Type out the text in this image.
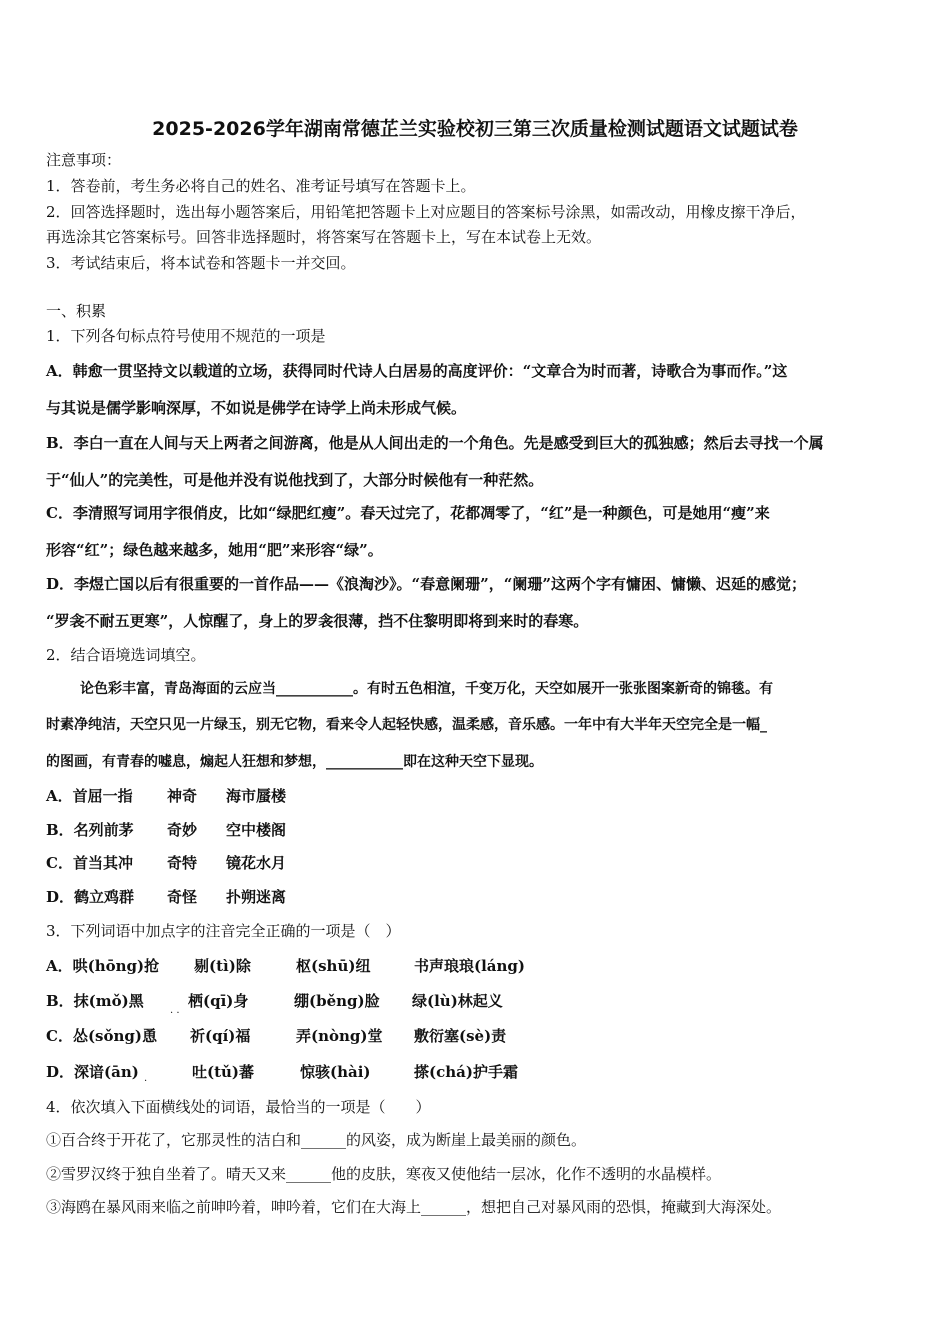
2025-2026学年湖南常德芷兰实验校初三第三次质量检测试题语文试题试卷
注意事项：
1．答卷前，考生务必将自己的姓名、准考证号填写在答题卡上。
2．回答选择题时，选出每小题答案后，用铅笔把答题卡上对应题目的答案标号涂黑，如需改动，用橡皮擦干净后，
再选涂其它答案标号。回答非选择题时，将答案写在答题卡上，写在本试卷上无效。
3．考试结束后，将本试卷和答题卡一并交回。
一、积累
1．下列各句标点符号使用不规范的一项是
A．韩愈一贯坚持文以载道的立场，获得同时代诗人白居易的高度评价：“文章合为时而著，诗歌合为事而作。”这
与其说是儒学影响深厚，不如说是佛学在诗学上尚未形成气候。
B．李白一直在人间与天上两者之间游离，他是从人间出走的一个角色。先是感受到巨大的孤独感；然后去寻找一个属
于“仙人”的完美性，可是他并没有说他找到了，大部分时候他有一种茫然。
C．李清照写词用字很俏皮，比如“绿肥红瘦”。春天过完了，花都凋零了，“红”是一种颜色，可是她用“瘦”来
形容“红”；绿色越来越多，她用“肥”来形容“绿”。
D．李煜亡国以后有很重要的一首作品——《浪淘沙》。“春意阑珊”，“阑珊”这两个字有慵困、慵懒、迟延的感觉；
“罗衾不耐五更寒”，人惊醒了，身上的罗衾很薄，挡不住黎明即将到来时的春寒。
2．结合语境选词填空。
论色彩丰富，青岛海面的云应当___________。有时五色相渲，千变万化，天空如展开一张张图案新奇的锦毯。有
时素净纯洁，天空只见一片绿玉，别无它物，看来令人起轻快感，温柔感，音乐感。一年中有大半年天空完全是一幅_
的图画，有青春的嘘息，煽起人狂想和梦想，___________即在这种天空下显现。
A．首屈一指 神奇 海市蜃楼
B．名列前茅 奇妙 空中楼阁
C．首当其冲 奇特 镜花水月
D．鹤立鸡群 奇怪 扑朔迷离
3．下列词语中加点字的注音完全正确的一项是（　）
A．哄(hōng)抢 剔(tì)除	枢(shū)纽	书声琅琅(láng)
B．抹(mǒ)黑	栖(qī)身	绷(běng)脸 绿(lù)林起义
. .
C．怂(sǒng)恿 祈(qí)福	弄(nòng)堂 敷衍塞(sè)责
D．深谙(ān)	吐(tǔ)蕃	惊骇(hài)	搽(chá)护手霜
.
4．依次填入下面横线处的词语，最恰当的一项是（　　）
①百合终于开花了，它那灵性的洁白和______的风姿，成为断崖上最美丽的颜色。
②雪罗汉终于独自坐着了。晴天又来______他的皮肤，寒夜又使他结一层冰，化作不透明的水晶模样。
③海鸥在暴风雨来临之前呻吟着，呻吟着，它们在大海上______，想把自己对暴风雨的恐惧，掩藏到大海深处。
